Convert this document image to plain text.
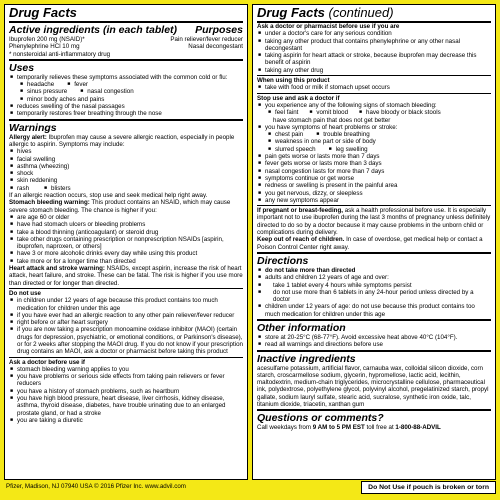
Drug Facts
Active ingredients (in each tablet) Purposes
Ibuprofen 200 mg (NSAID)*	Pain reliever/fever reducer
Phenylephrine HCl 10 mg	Nasal decongestant
* nonsteroidal anti-inflammatory drug
Uses
■ temporarily relieves these symptoms associated with the common cold or flu:
■ headache	■ fever
■ sinus pressure	■ nasal congestion
■ minor body aches and pains
■ reduces swelling of the nasal passages
■ temporarily restores freer breathing through the nose
Warnings
Allergy alert: Ibuprofen may cause a severe allergic reaction, especially in people allergic to aspirin. Symptoms may include:
■ hives
■ facial swelling
■ asthma (wheezing)
■ shock
■ skin reddening
■ rash	■ blisters
If an allergic reaction occurs, stop use and seek medical help right away.
Stomach bleeding warning: This product contains an NSAID, which may cause severe stomach bleeding. The chance is higher if you:
■ are age 60 or older
■ have had stomach ulcers or bleeding problems
■ take a blood thinning (anticoagulant) or steroid drug
■ take other drugs containing prescription or nonprescription NSAIDs [aspirin, ibuprofen, naproxen, or others]
■ have 3 or more alcoholic drinks every day while using this product
■ take more or for a longer time than directed
Heart attack and stroke warning: NSAIDs, except aspirin, increase the risk of heart attack, heart failure, and stroke. These can be fatal. The risk is higher if you use more than directed or for longer than directed.
Do not use
■ in children under 12 years of age because this product contains too much medication for children under this age
■ if you have ever had an allergic reaction to any other pain reliever/fever reducer
■ right before or after heart surgery
■ if you are now taking a prescription monoamine oxidase inhibitor (MAOI) (certain drugs for depression, psychiatric, or emotional conditions, or Parkinson's disease), or for 2 weeks after stopping the MAOI drug. If you do not know if your prescription drug contains an MAOI, ask a doctor or pharmacist before taking this product
Ask a doctor before use if
■ stomach bleeding warning applies to you
■ you have problems or serious side effects from taking pain relievers or fever reducers
■ you have a history of stomach problems, such as heartburn
■ you have high blood pressure, heart disease, liver cirrhosis, kidney disease, asthma, thyroid disease, diabetes, have trouble urinating due to an enlarged prostate gland, or had a stroke
■ you are taking a diuretic
Drug Facts (continued)
Ask a doctor or pharmacist before use if you are
■ under a doctor's care for any serious condition
■ taking any other product that contains phenylephrine or any other nasal decongestant
■ taking aspirin for heart attack or stroke, because ibuprofen may decrease this benefit of aspirin
■ taking any other drug
When using this product
■ take with food or milk if stomach upset occurs
Stop use and ask a doctor if
■ you experience any of the following signs of stomach bleeding:
■ feel faint	■ vomit blood	■ have bloody or black stools
have stomach pain that does not get better
■ you have symptoms of heart problems or stroke:
■ chest pain	■ trouble breathing
■ weakness in one part or side of body
■ slurred speech	■ leg swelling
■ pain gets worse or lasts more than 7 days
■ fever gets worse or lasts more than 3 days
■ nasal congestion lasts for more than 7 days
■ symptoms continue or get worse
■ redness or swelling is present in the painful area
■ you get nervous, dizzy, or sleepless
■ any new symptoms appear
If pregnant or breast-feeding, ask a health professional before use. It is especially important not to use ibuprofen during the last 3 months of pregnancy unless definitely directed to do so by a doctor because it may cause problems in the unborn child or complications during delivery.
Keep out of reach of children. In case of overdose, get medical help or contact a Poison Control Center right away.
Directions
■ do not take more than directed
■ adults and children 12 years of age and over:
■ take 1 tablet every 4 hours while symptoms persist
■ do not use more than 6 tablets in any 24-hour period unless directed by a doctor
■ children under 12 years of age: do not use because this product contains too much medication for children under this age
Other information
■ store at 20-25°C (68-77°F). Avoid excessive heat above 40°C (104°F).
■ read all warnings and directions before use
Inactive ingredients
acesulfame potassium, artificial flavor, carnauba wax, colloidal silicon dioxide, corn starch, croscarmellose sodium, glycerin, hypromellose, lactic acid, lecithin, maltodextrin, medium-chain triglycerides, microcrystalline cellulose, pharmaceutical ink, polydextrose, polyethylene glycol, polyvinyl alcohol, pregelatinized starch, propyl gallate, sodium lauryl sulfate, stearic acid, sucralose, synthetic iron oxide, talc, titanium dioxide, triacetin, xanthan gum
Questions or comments?
Call weekdays from 9 AM to 5 PM EST toll free at 1-800-88-ADVIL
Pfizer, Madison, NJ 07940 USA © 2016 Pfizer Inc. www.advil.com	Do Not Use if pouch is broken or torn
